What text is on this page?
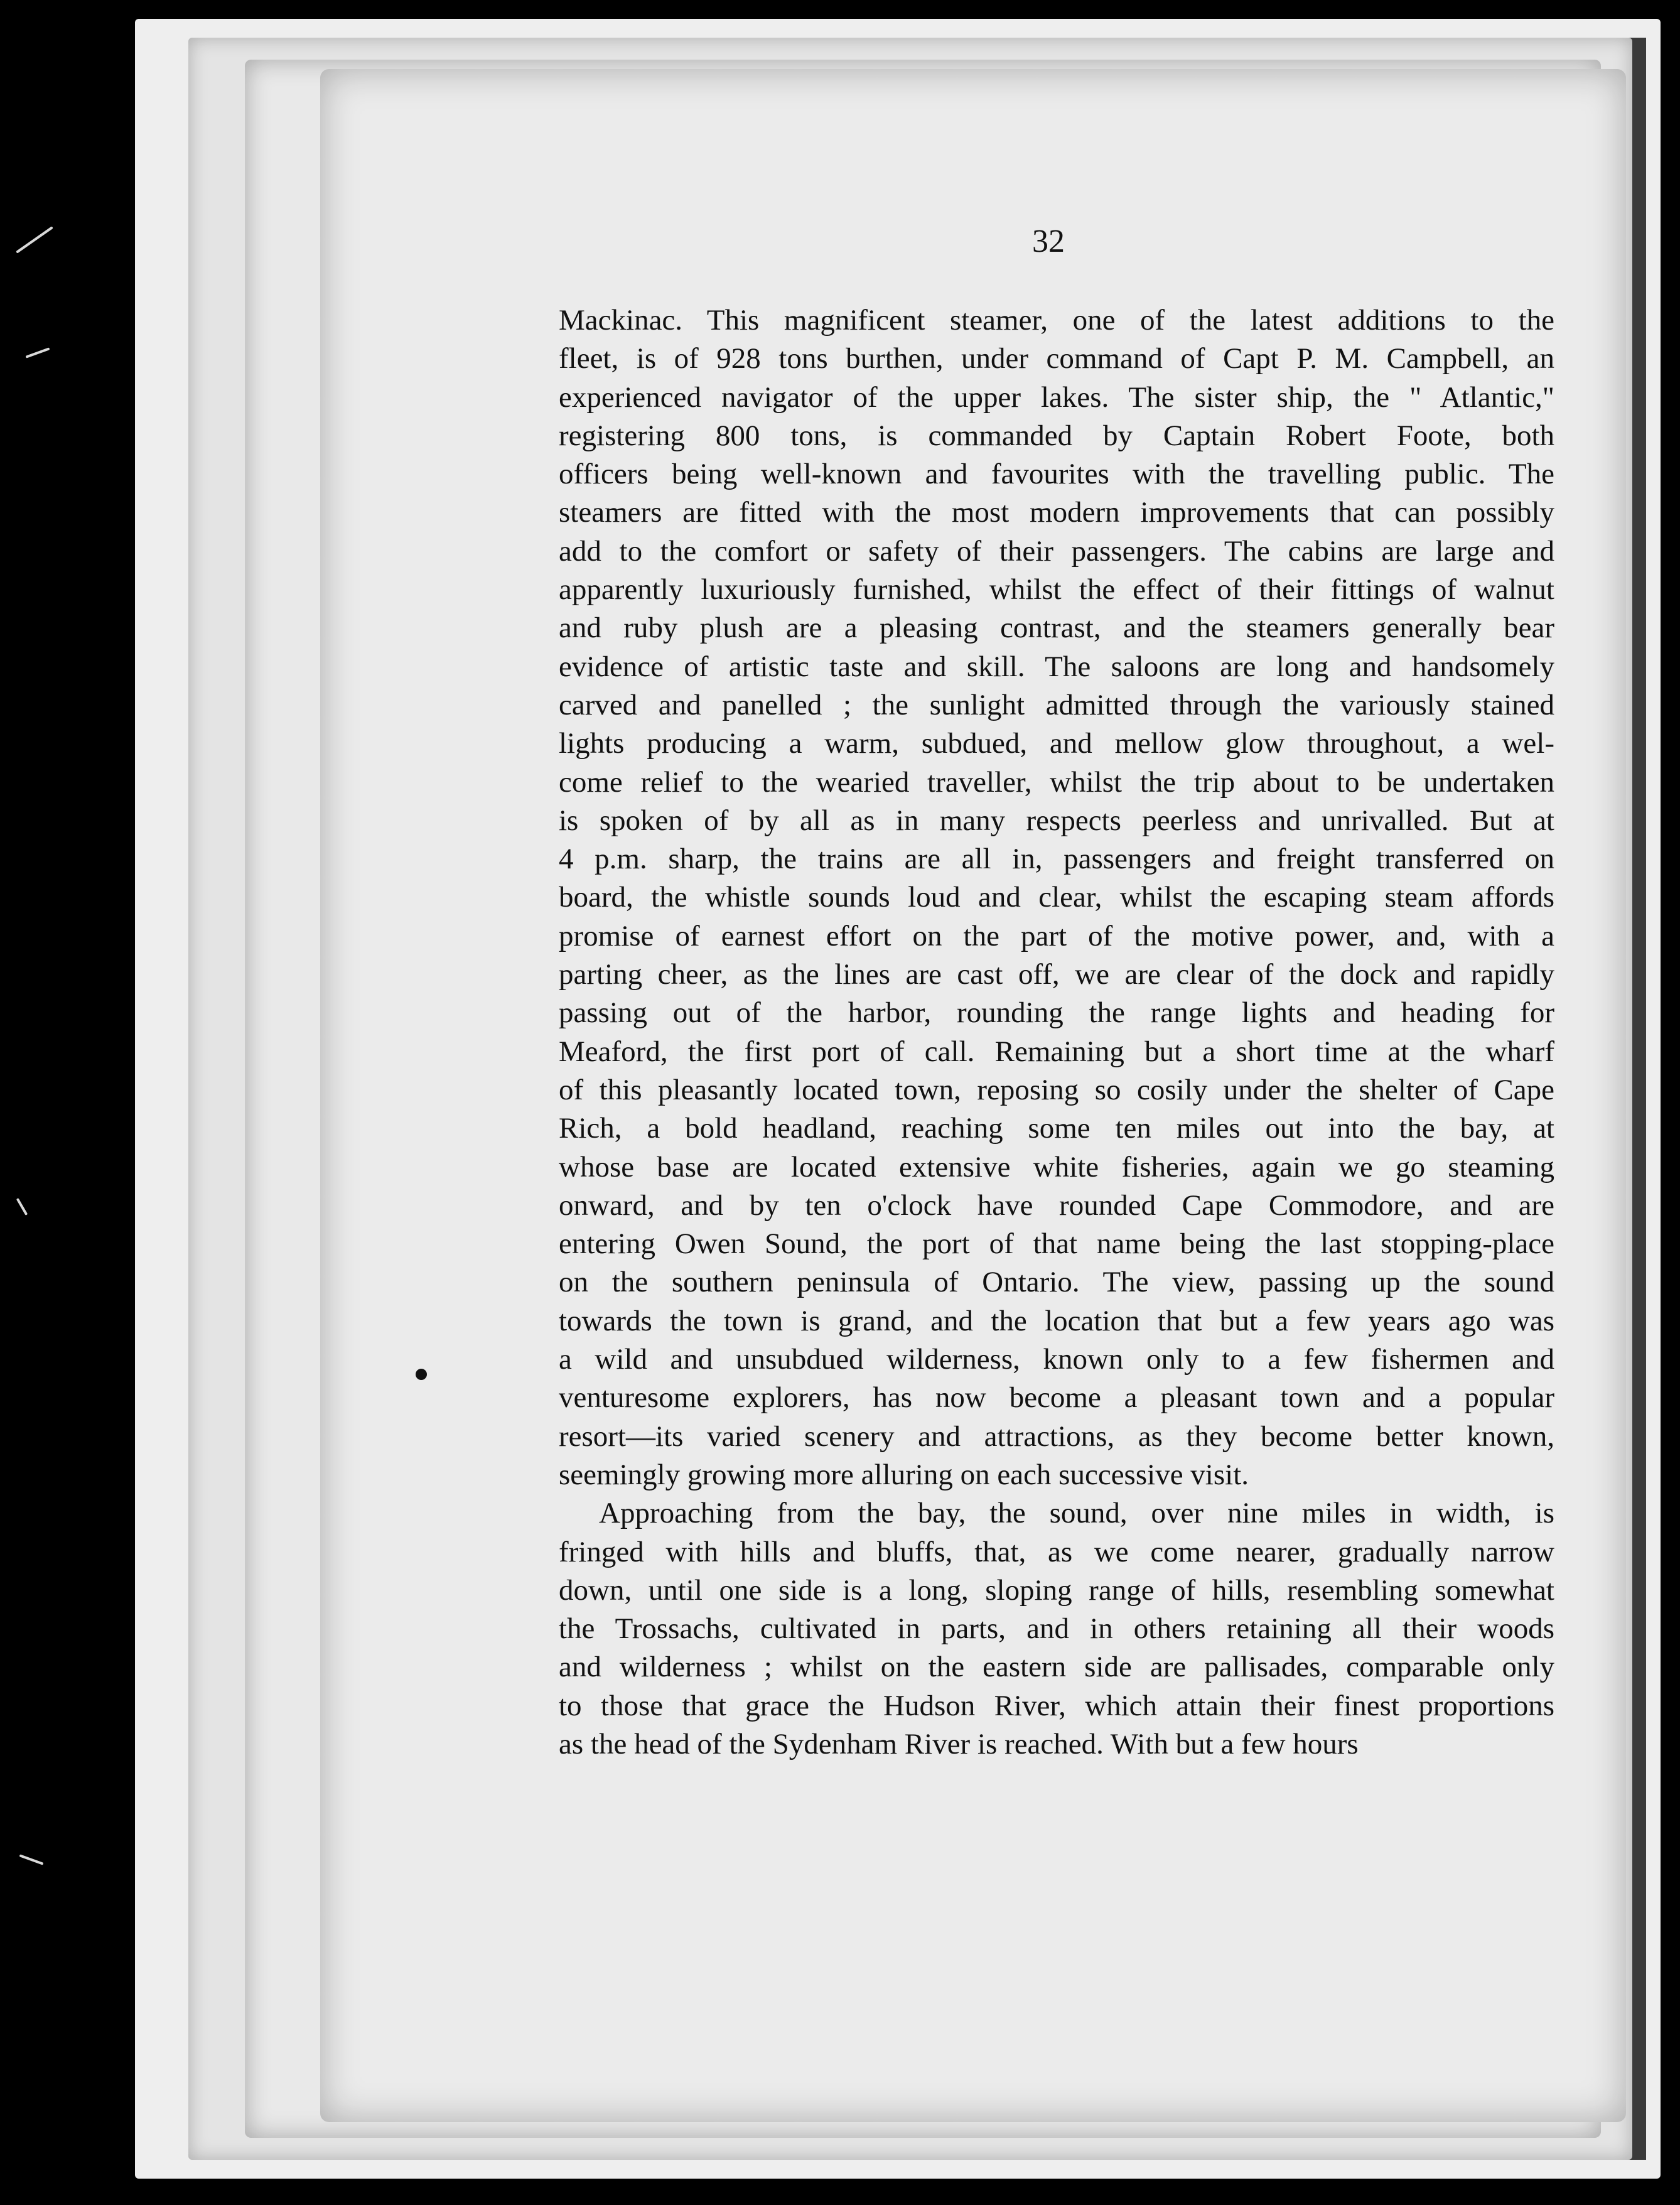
32

Mackinac. This magnificent steamer, one of the latest additions to the
fleet, is of 928 tons burthen, under command of Capt P. M. Campbell, an
experienced navigator of the upper lakes. The sister ship, the " Atlantic,"
registering 800 tons, is commanded by Captain Robert Foote, both
officers being well-known and favourites with the travelling public. The
steamers are fitted with the most modern improvements that can possibly
add to the comfort or safety of their passengers. The cabins are large and
apparently luxuriously furnished, whilst the effect of their fittings of walnut
and ruby plush are a pleasing contrast, and the steamers generally bear
evidence of artistic taste and skill. The saloons are long and handsomely
carved and panelled ; the sunlight admitted through the variously stained
lights producing a warm, subdued, and mellow glow throughout, a wel-
come relief to the wearied traveller, whilst the trip about to be undertaken
is spoken of by all as in many respects peerless and unrivalled. But at
4 p.m. sharp, the trains are all in, passengers and freight transferred on
board, the whistle sounds loud and clear, whilst the escaping steam affords
promise of earnest effort on the part of the motive power, and, with a
parting cheer, as the lines are cast off, we are clear of the dock and rapidly
passing out of the harbor, rounding the range lights and heading for
Meaford, the first port of call. Remaining but a short time at the wharf
of this pleasantly located town, reposing so cosily under the shelter of Cape
Rich, a bold headland, reaching some ten miles out into the bay, at
whose base are located extensive white fisheries, again we go steaming
onward, and by ten o'clock have rounded Cape Commodore, and are
entering Owen Sound, the port of that name being the last stopping-place
on the southern peninsula of Ontario. The view, passing up the sound
towards the town is grand, and the location that but a few years ago was
a wild and unsubdued wilderness, known only to a few fishermen and
venturesome explorers, has now become a pleasant town and a popular
resort—its varied scenery and attractions, as they become better known,
seemingly growing more alluring on each successive visit.
Approaching from the bay, the sound, over nine miles in width, is
fringed with hills and bluffs, that, as we come nearer, gradually narrow
down, until one side is a long, sloping range of hills, resembling somewhat
the Trossachs, cultivated in parts, and in others retaining all their woods
and wilderness ; whilst on the eastern side are pallisades, comparable only
to those that grace the Hudson River, which attain their finest proportions
as the head of the Sydenham River is reached. With but a few hours
